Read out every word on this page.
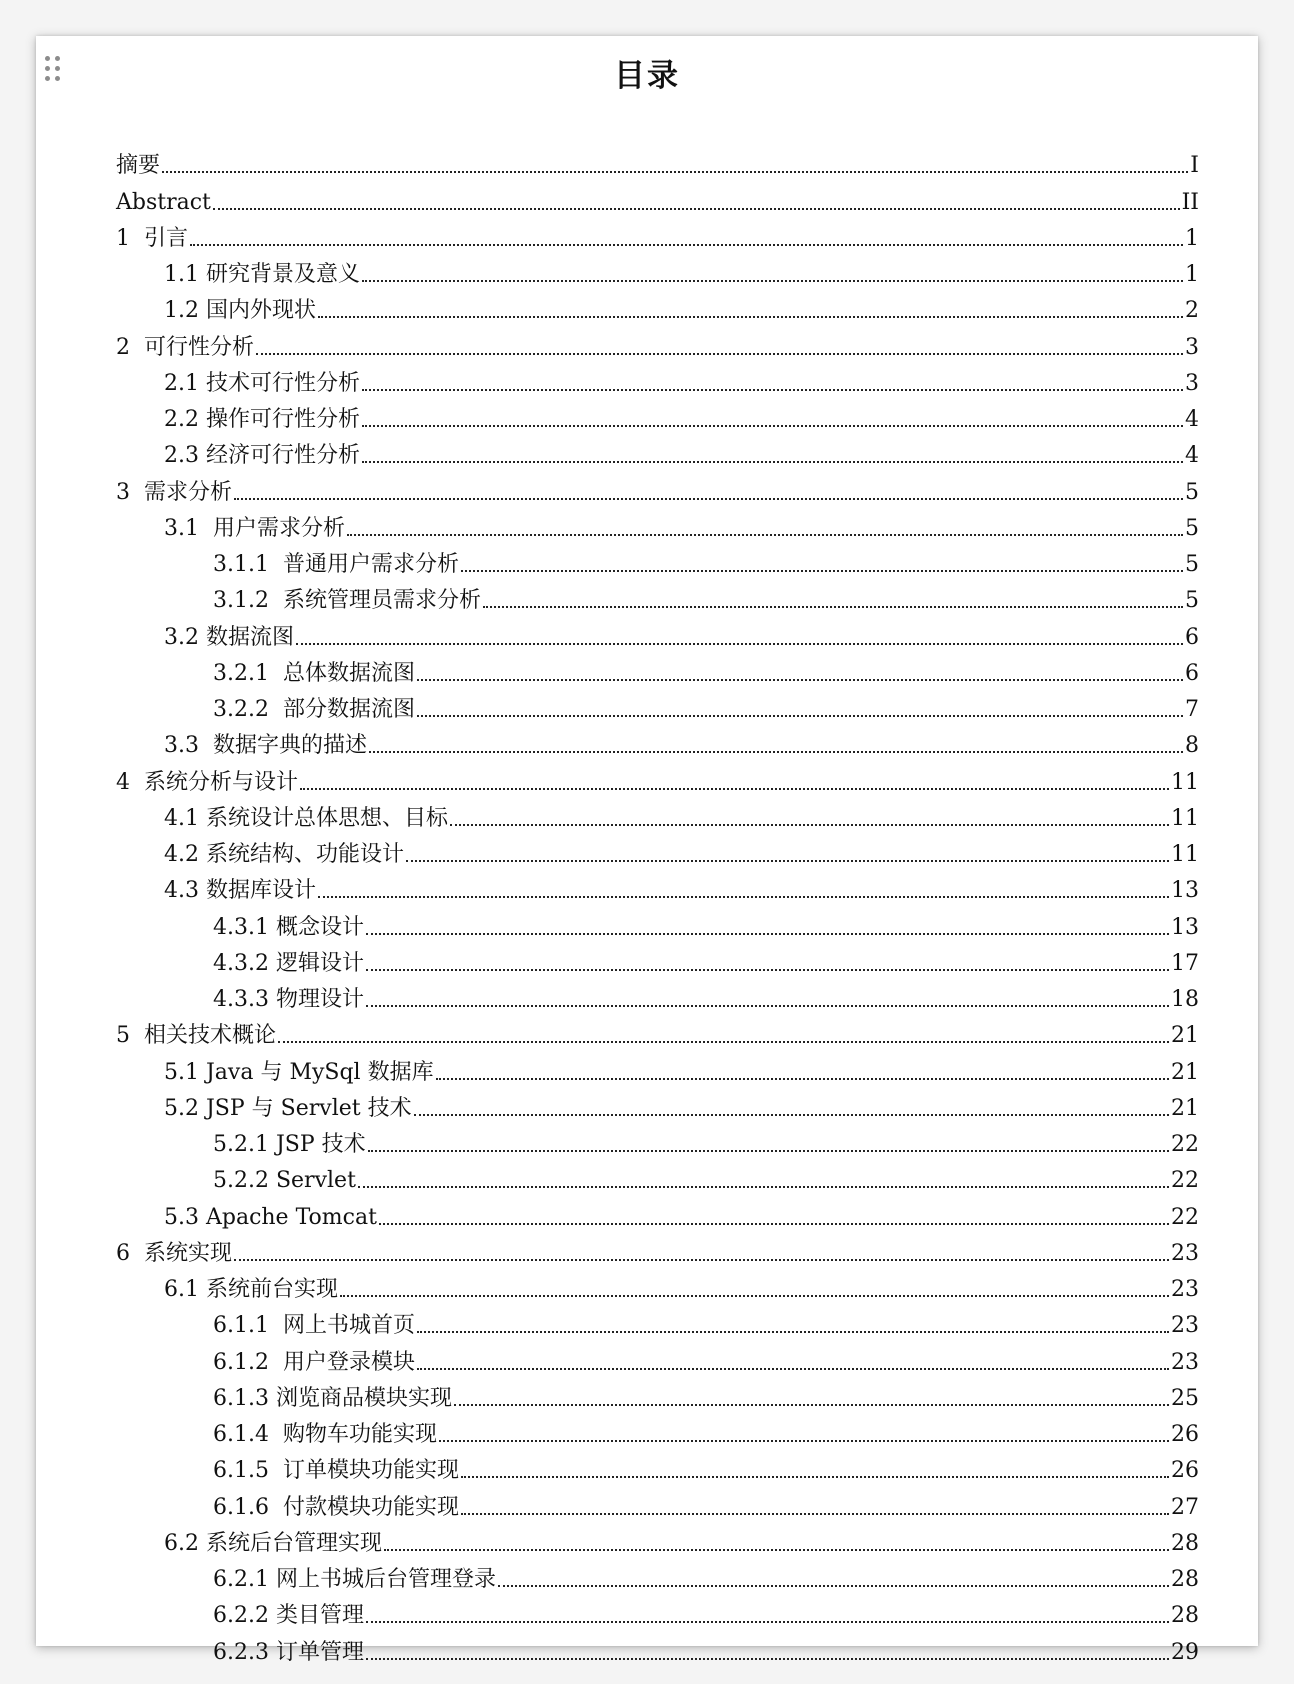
目录
摘要	I
Abstract	II
1  引言	1
1.1 研究背景及意义	1
1.2 国内外现状	2
2  可行性分析	3
2.1 技术可行性分析	3
2.2 操作可行性分析	4
2.3 经济可行性分析	4
3  需求分析	5
3.1  用户需求分析	5
3.1.1  普通用户需求分析	5
3.1.2  系统管理员需求分析	5
3.2 数据流图	6
3.2.1  总体数据流图	6
3.2.2  部分数据流图	7
3.3  数据字典的描述	8
4  系统分析与设计	11
4.1 系统设计总体思想、目标	11
4.2 系统结构、功能设计	11
4.3 数据库设计	13
4.3.1 概念设计	13
4.3.2 逻辑设计	17
4.3.3 物理设计	18
5  相关技术概论	21
5.1 Java 与 MySql 数据库	21
5.2 JSP 与 Servlet 技术	21
5.2.1 JSP 技术	22
5.2.2 Servlet	22
5.3 Apache Tomcat	22
6  系统实现	23
6.1 系统前台实现	23
6.1.1  网上书城首页	23
6.1.2  用户登录模块	23
6.1.3 浏览商品模块实现	25
6.1.4  购物车功能实现	26
6.1.5  订单模块功能实现	26
6.1.6  付款模块功能实现	27
6.2 系统后台管理实现	28
6.2.1 网上书城后台管理登录	28
6.2.2 类目管理	28
6.2.3 订单管理	29
